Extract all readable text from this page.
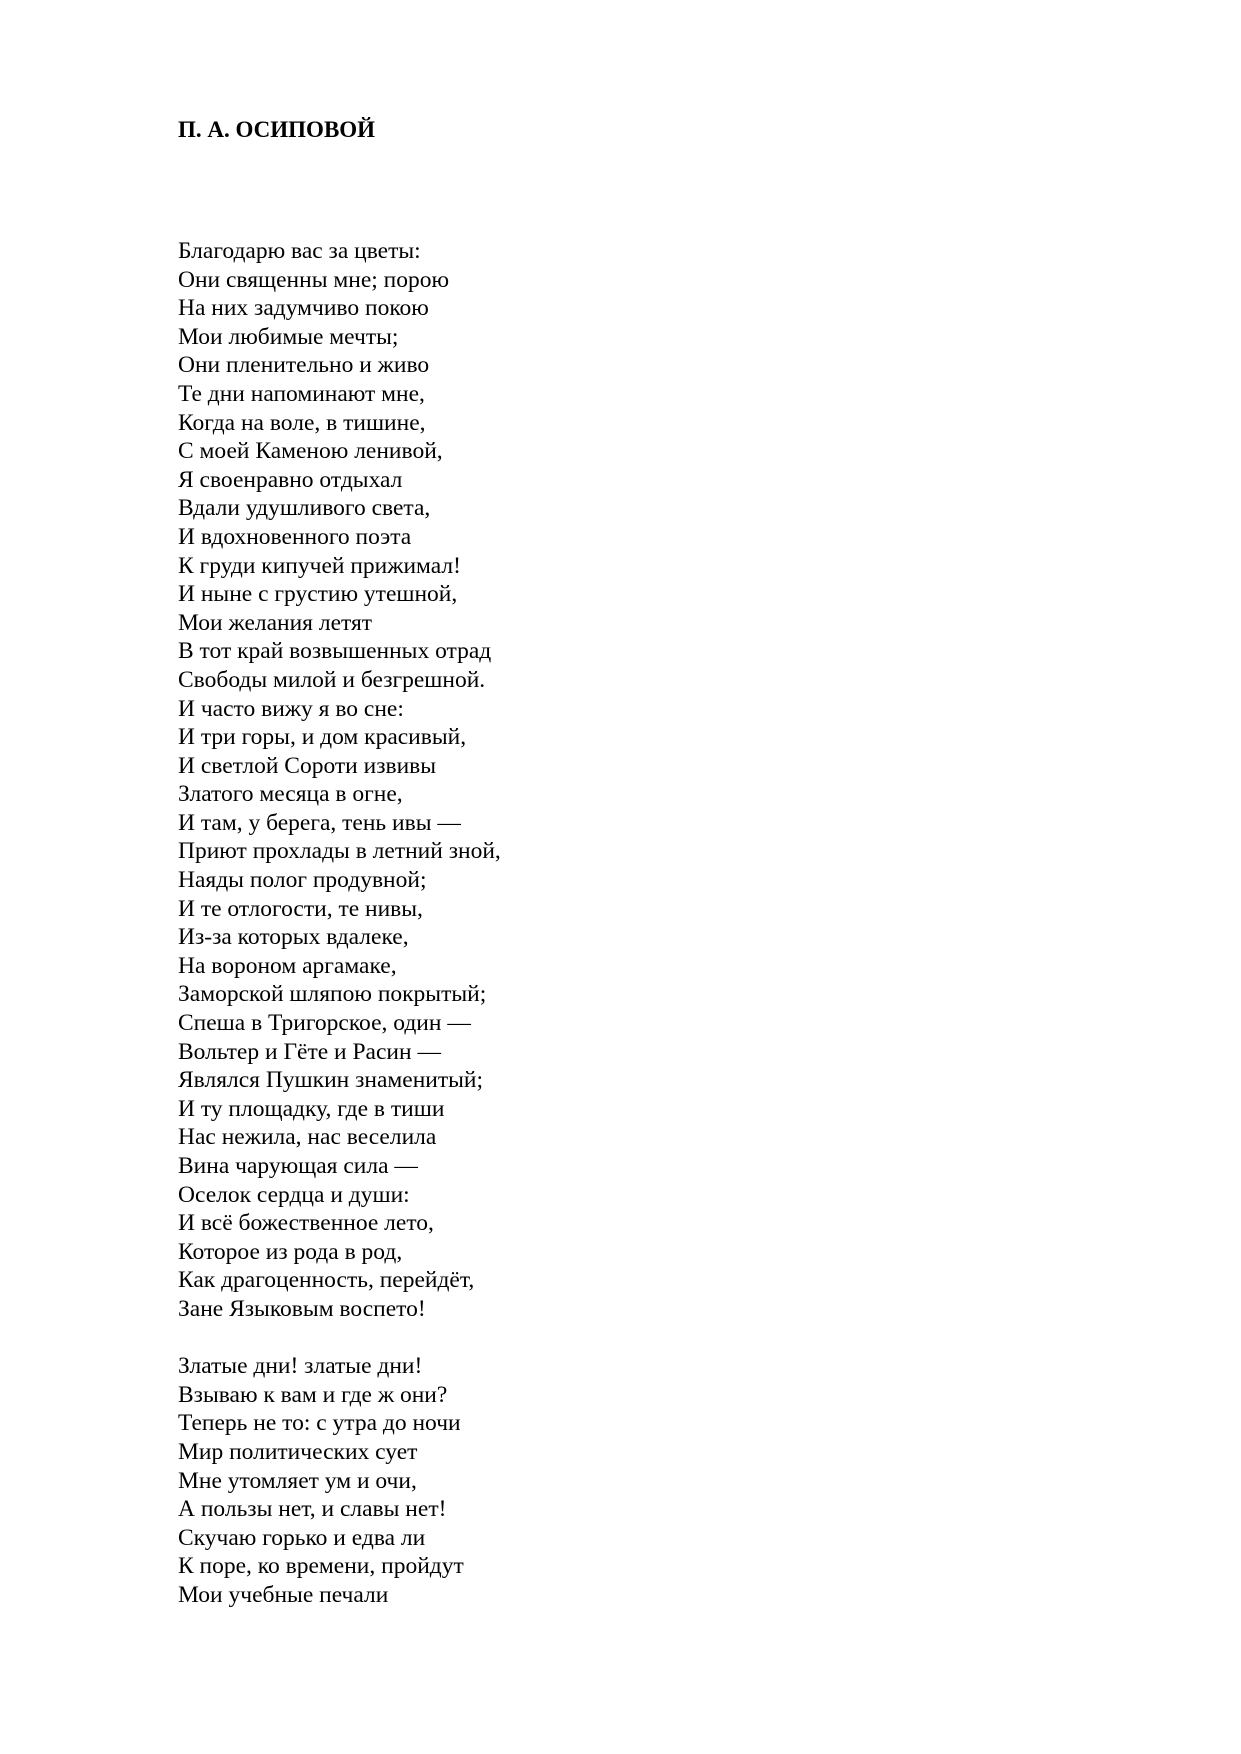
П. А. ОСИПОВОЙ
Благодарю вас за цветы:
Они священны мне; порою
На них задумчиво покою
Мои любимые мечты;
Они пленительно и живо
Те дни напоминают мне,
Когда на воле, в тишине,
С моей Каменою ленивой,
Я своенравно отдыхал
Вдали удушливого света,
И вдохновенного поэта
К груди кипучей прижимал!
И ныне с грустию утешной,
Мои желания летят
В тот край возвышенных отрад
Свободы милой и безгрешной.
И часто вижу я во сне:
И три горы, и дом красивый,
И светлой Сороти извивы
Златого месяца в огне,
И там, у берега, тень ивы —
Приют прохлады в летний зной,
Наяды полог продувной;
И те отлогости, те нивы,
Из-за которых вдалеке,
На вороном аргамаке,
Заморской шляпою покрытый;
Спеша в Тригорское, один —
Вольтер и Гёте и Расин —
Являлся Пушкин знаменитый;
И ту площадку, где в тиши
Нас нежила, нас веселила
Вина чарующая сила —
Оселок сердца и души:
И всё божественное лето,
Которое из рода в род,
Как драгоценность, перейдёт,
Зане Языковым воспето!
Златые дни! златые дни!
Взываю к вам и где ж они?
Теперь не то: с утра до ночи
Мир политических сует
Мне утомляет ум и очи,
А пользы нет, и славы нет!
Скучаю горько и едва ли
К поре, ко времени, пройдут
Мои учебные печали
